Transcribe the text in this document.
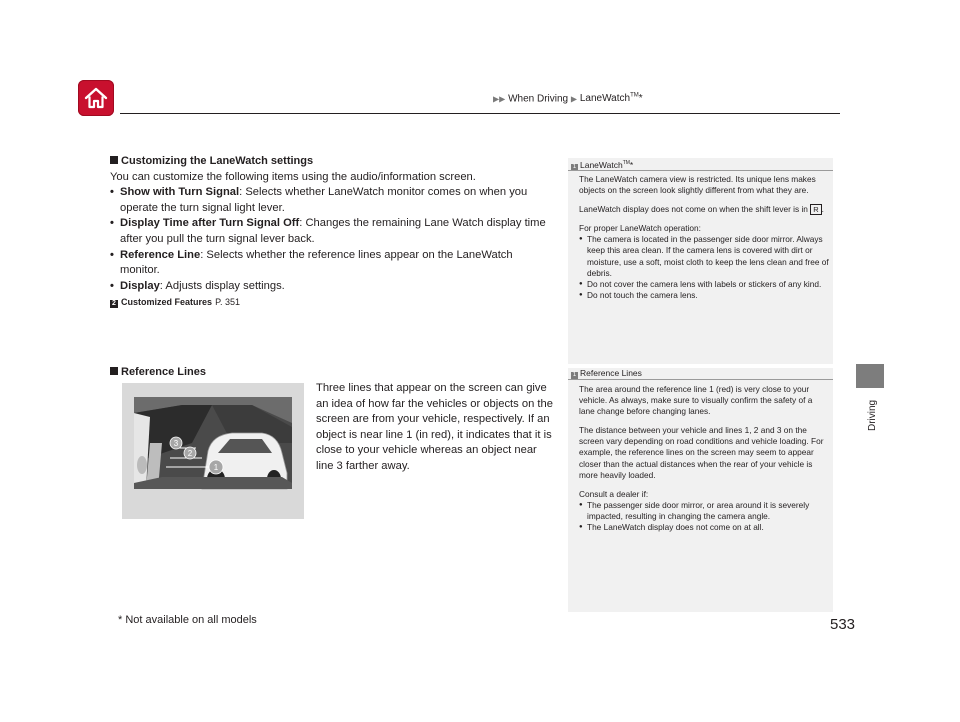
▶▶ When Driving ▶ LaneWatch™*
Driving
Customizing the LaneWatch settings
You can customize the following items using the audio/information screen.
• Show with Turn Signal: Selects whether LaneWatch monitor comes on when you operate the turn signal light lever.
• Display Time after Turn Signal Off: Changes the remaining Lane Watch display time after you pull the turn signal lever back.
• Reference Line: Selects whether the reference lines appear on the LaneWatch monitor.
• Display: Adjusts display settings.
2 Customized Features P. 351
Reference Lines
3
2
1
Three lines that appear on the screen can give an idea of how far the vehicles or objects on the screen are from your vehicle, respectively. If an object is near line 1 (in red), it indicates that it is close to your vehicle whereas an object near line 3 farther away.
1 LaneWatch™*

The LaneWatch camera view is restricted. Its unique lens makes objects on the screen look slightly different from what they are.

LaneWatch display does not come on when the shift lever is in R .

For proper LaneWatch operation:
● The camera is located in the passenger side door mirror. Always keep this area clean. If the camera lens is covered with dirt or moisture, use a soft, moist cloth to keep the lens clean and free of debris.
● Do not cover the camera lens with labels or stickers of any kind.
● Do not touch the camera lens.
1 Reference Lines

The area around the reference line 1 (red) is very close to your vehicle. As always, make sure to visually confirm the safety of a lane change before changing lanes.

The distance between your vehicle and lines 1, 2 and 3 on the screen vary depending on road conditions and vehicle loading. For example, the reference lines on the screen may seem to appear closer than the actual distances when the rear of your vehicle is more heavily loaded.

Consult a dealer if:
● The passenger side door mirror, or area around it is severely impacted, resulting in changing the camera angle.
● The LaneWatch display does not come on at all.
* Not available on all models	533
